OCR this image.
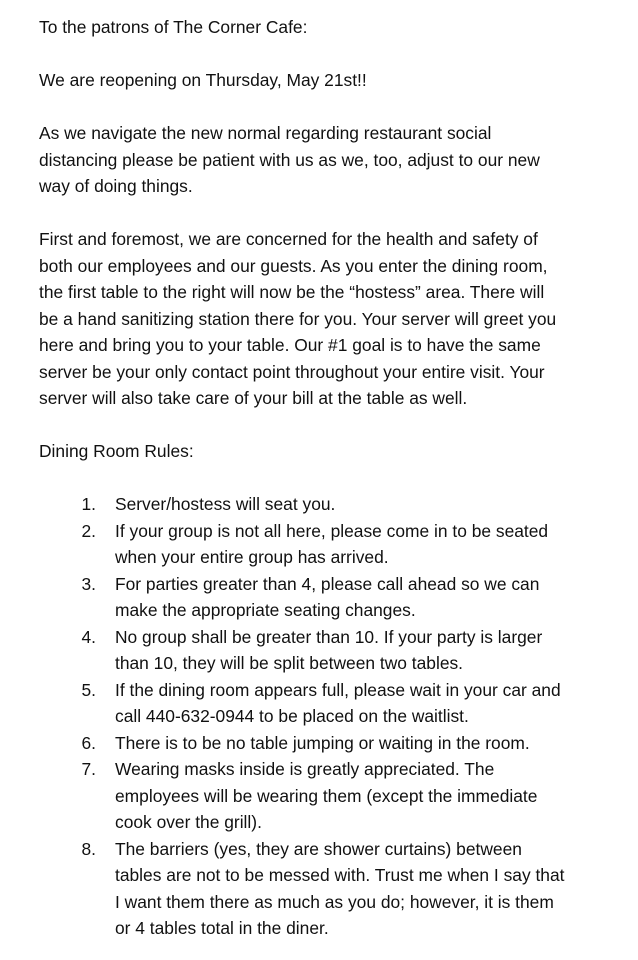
To the patrons of The Corner Cafe:
We are reopening on Thursday, May 21st!!
As we navigate the new normal regarding restaurant social
distancing please be patient with us as we, too, adjust to our new
way of doing things.
First and foremost, we are concerned for the health and safety of
both our employees and our guests. As you enter the dining room,
the first table to the right will now be the “hostess” area. There will
be a hand sanitizing station there for you. Your server will greet you
here and bring you to your table. Our #1 goal is to have the same
server be your only contact point throughout your entire visit. Your
server will also take care of your bill at the table as well.
Dining Room Rules:
1. Server/hostess will seat you.
2. If your group is not all here, please come in to be seated
when your entire group has arrived.
3. For parties greater than 4, please call ahead so we can
make the appropriate seating changes.
4. No group shall be greater than 10. If your party is larger
than 10, they will be split between two tables.
5. If the dining room appears full, please wait in your car and
call 440-632-0944 to be placed on the waitlist.
6. There is to be no table jumping or waiting in the room.
7. Wearing masks inside is greatly appreciated. The
employees will be wearing them (except the immediate
cook over the grill).
8. The barriers (yes, they are shower curtains) between
tables are not to be messed with. Trust me when I say that
I want them there as much as you do; however, it is them
or 4 tables total in the diner.
